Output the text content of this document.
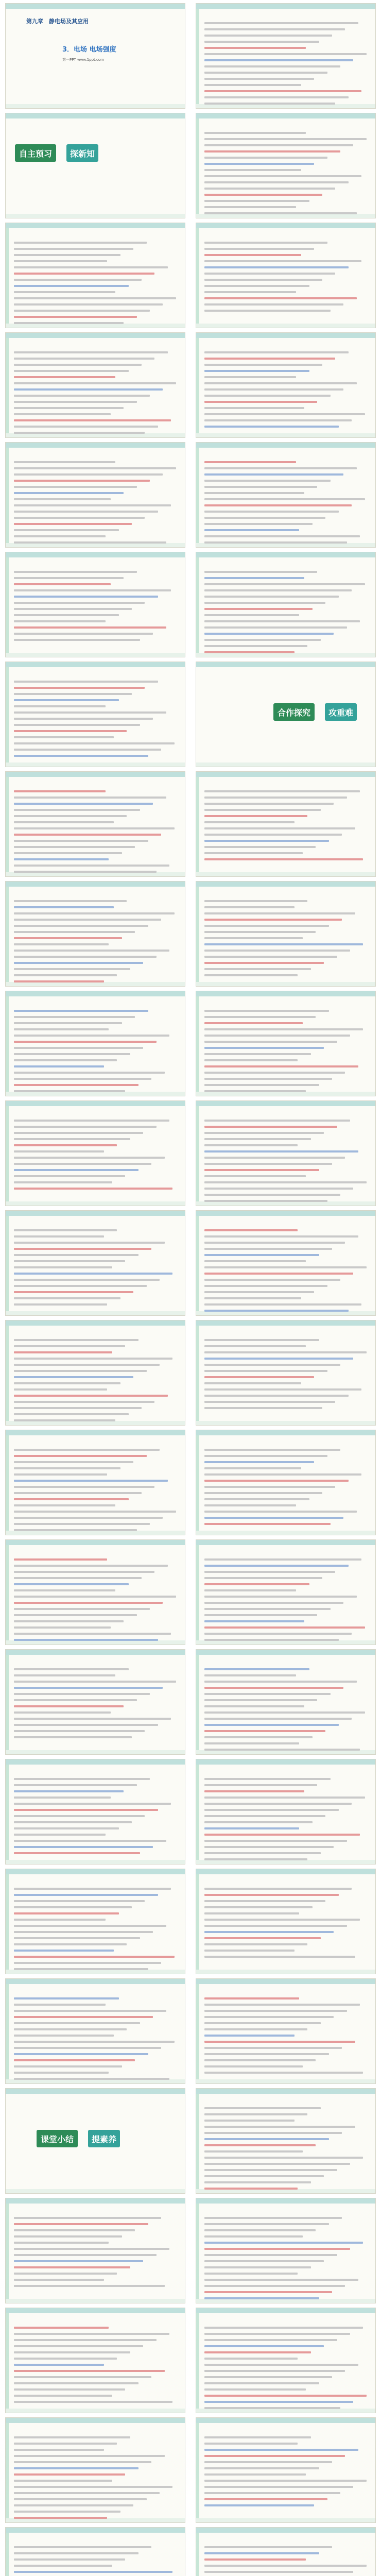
第九章　静电场及其应用
3．电场 电场强度
第一PPT www.1ppt.com
自主预习	探新知
课堂小结	提素养
合作探究	攻重难
